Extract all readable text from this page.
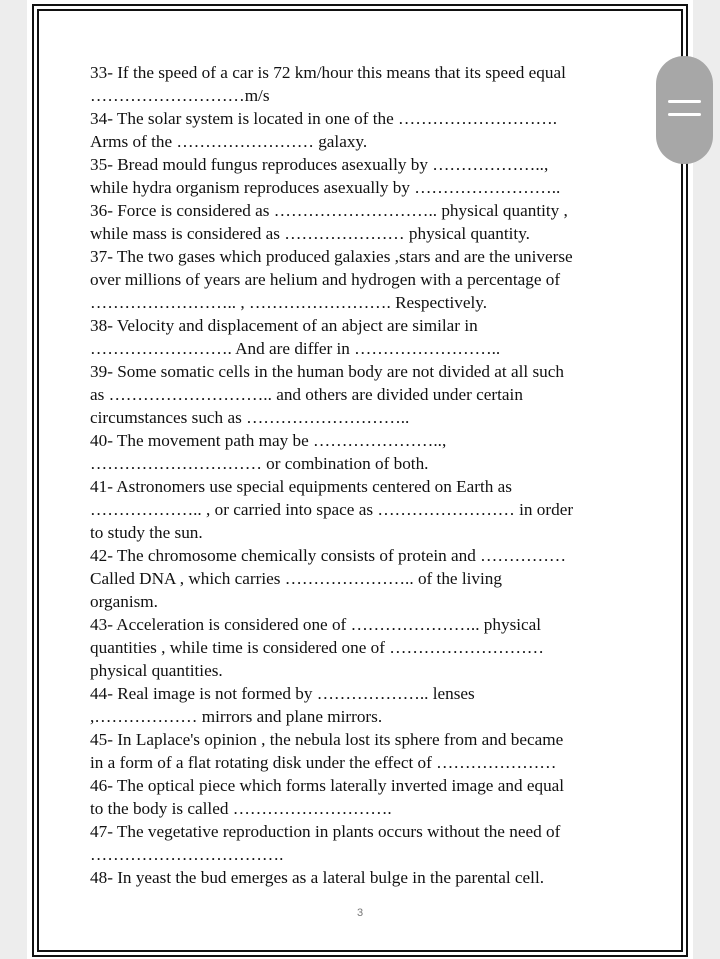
33- If the speed of a car is 72 km/hour this means that its speed equal
………………………m/s

34- The solar system is located in one of the ……………………….
Arms of the …………………… galaxy.

35- Bread mould fungus reproduces asexually by ………………..,
while hydra organism reproduces asexually by ……………………..

36- Force is considered as ……………………….. physical quantity ,
while mass is considered as ………………… physical quantity.

37- The two gases which produced galaxies ,stars and are the universe
over millions of years are helium and hydrogen with a percentage of
…………………….. , ……………………. Respectively.

38- Velocity and displacement of an abject are similar in
……………………. And are differ in ……………………..

39- Some somatic cells in the human body are not divided at all such
as ……………………….. and others are divided under certain
circumstances such as ………………………..

40- The movement path may be …………………..,
………………………… or combination of both.

41- Astronomers use special equipments centered on Earth as
……………….. , or carried into space as …………………… in order
to study the sun.

42- The chromosome chemically consists of protein and ……………
Called DNA , which carries ………………….. of the living
organism.

43- Acceleration is considered one of ………………….. physical
quantities , while time is considered one of ………………………
physical quantities.

44- Real image is not formed by ……………….. lenses
,……………… mirrors and plane mirrors.

45- In Laplace's opinion , the nebula lost its sphere from and became
in a form of a flat rotating disk under the effect of …………………

46- The optical piece which forms laterally inverted image and equal
to the body is called ……………………….

47- The vegetative reproduction in plants occurs without the need of
…………………………….

48- In yeast the bud emerges as a lateral bulge in the parental cell.

3
